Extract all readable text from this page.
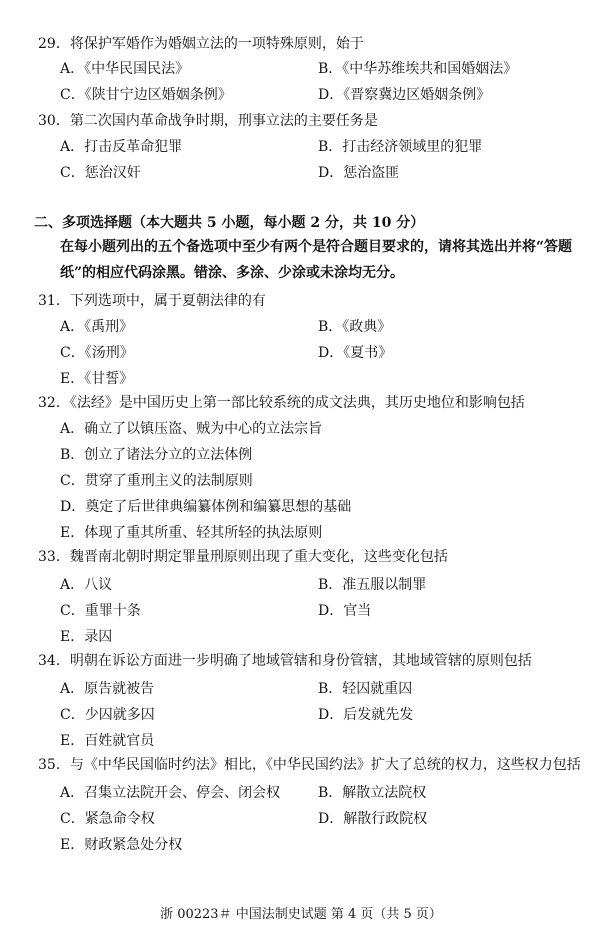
29．将保护军婚作为婚姻立法的一项特殊原则，始于
A．《中华民国民法》	B．《中华苏维埃共和国婚姻法》
C．《陕甘宁边区婚姻条例》	D．《晋察冀边区婚姻条例》
30．第二次国内革命战争时期，刑事立法的主要任务是
A．打击反革命犯罪	B．打击经济领域里的犯罪
C．惩治汉奸	D．惩治盗匪
二、多项选择题（本大题共 5 小题，每小题 2 分，共 10 分）
在每小题列出的五个备选项中至少有两个是符合题目要求的，请将其选出并将“答题纸”的相应代码涂黑。错涂、多涂、少涂或未涂均无分。
31．下列选项中，属于夏朝法律的有
A．《禹刑》	B．《政典》
C．《汤刑》	D．《夏书》
E．《甘誓》
32．《法经》是中国历史上第一部比较系统的成文法典，其历史地位和影响包括
A．确立了以镇压盗、贼为中心的立法宗旨
B．创立了诸法分立的立法体例
C．贯穿了重刑主义的法制原则
D．奠定了后世律典编纂体例和编纂思想的基础
E．体现了重其所重、轻其所轻的执法原则
33．魏晋南北朝时期定罪量刑原则出现了重大变化，这些变化包括
A．八议	B．准五服以制罪
C．重罪十条	D．官当
E．录囚
34．明朝在诉讼方面进一步明确了地域管辖和身份管辖，其地域管辖的原则包括
A．原告就被告	B．轻囚就重囚
C．少囚就多囚	D．后发就先发
E．百姓就官员
35．与《中华民国临时约法》相比，《中华民国约法》扩大了总统的权力，这些权力包括
A．召集立法院开会、停会、闭会权	B．解散立法院权
C．紧急命令权	D．解散行政院权
E．财政紧急处分权
浙 00223＃ 中国法制史试题 第 4 页（共 5 页）
